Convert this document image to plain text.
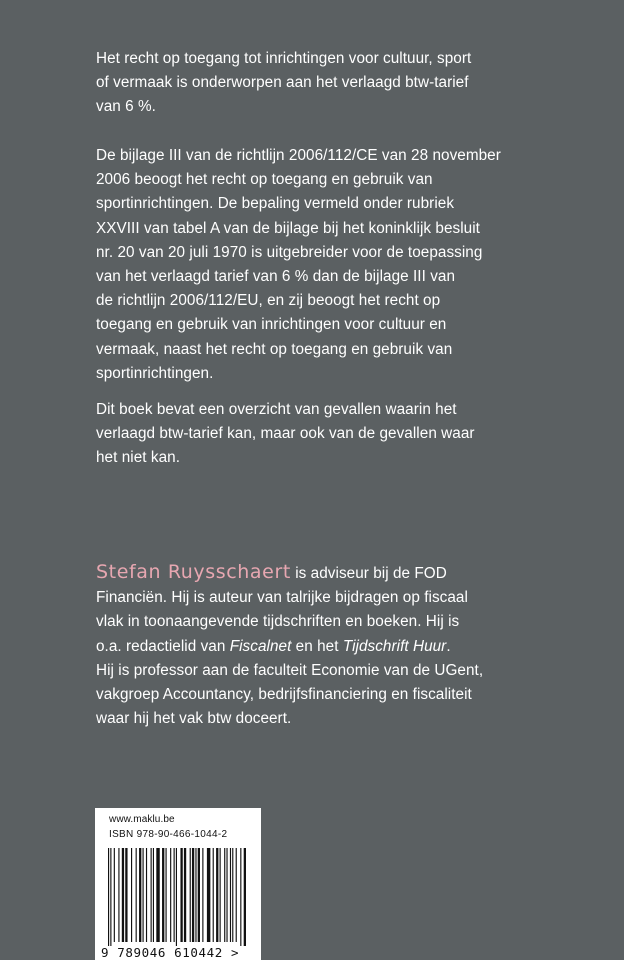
Het recht op toegang tot inrichtingen voor cultuur, sport
of vermaak is onderworpen aan het verlaagd btw-tarief
van 6 %.
De bijlage III van de richtlijn 2006/112/CE van 28 november
2006 beoogt het recht op toegang en gebruik van
sportinrichtingen. De bepaling vermeld onder rubriek
XXVIII van tabel A van de bijlage bij het koninklijk besluit
nr. 20 van 20 juli 1970 is uitgebreider voor de toepassing
van het verlaagd tarief van 6 % dan de bijlage III van
de richtlijn 2006/112/EU, en zij beoogt het recht op
toegang en gebruik van inrichtingen voor cultuur en
vermaak, naast het recht op toegang en gebruik van
sportinrichtingen.
Dit boek bevat een overzicht van gevallen waarin het
verlaagd btw-tarief kan, maar ook van de gevallen waar
het niet kan.
Stefan Ruysschaert is adviseur bij de FOD
Financiën. Hij is auteur van talrijke bijdragen op fiscaal
vlak in toonaangevende tijdschriften en boeken. Hij is
o.a. redactielid van Fiscalnet en het Tijdschrift Huur.
Hij is professor aan de faculteit Economie van de UGent,
vakgroep Accountancy, bedrijfsfinanciering en fiscaliteit
waar hij het vak btw doceert.
www.maklu.be
ISBN 978-90-466-1044-2
9 789046 610442 >
